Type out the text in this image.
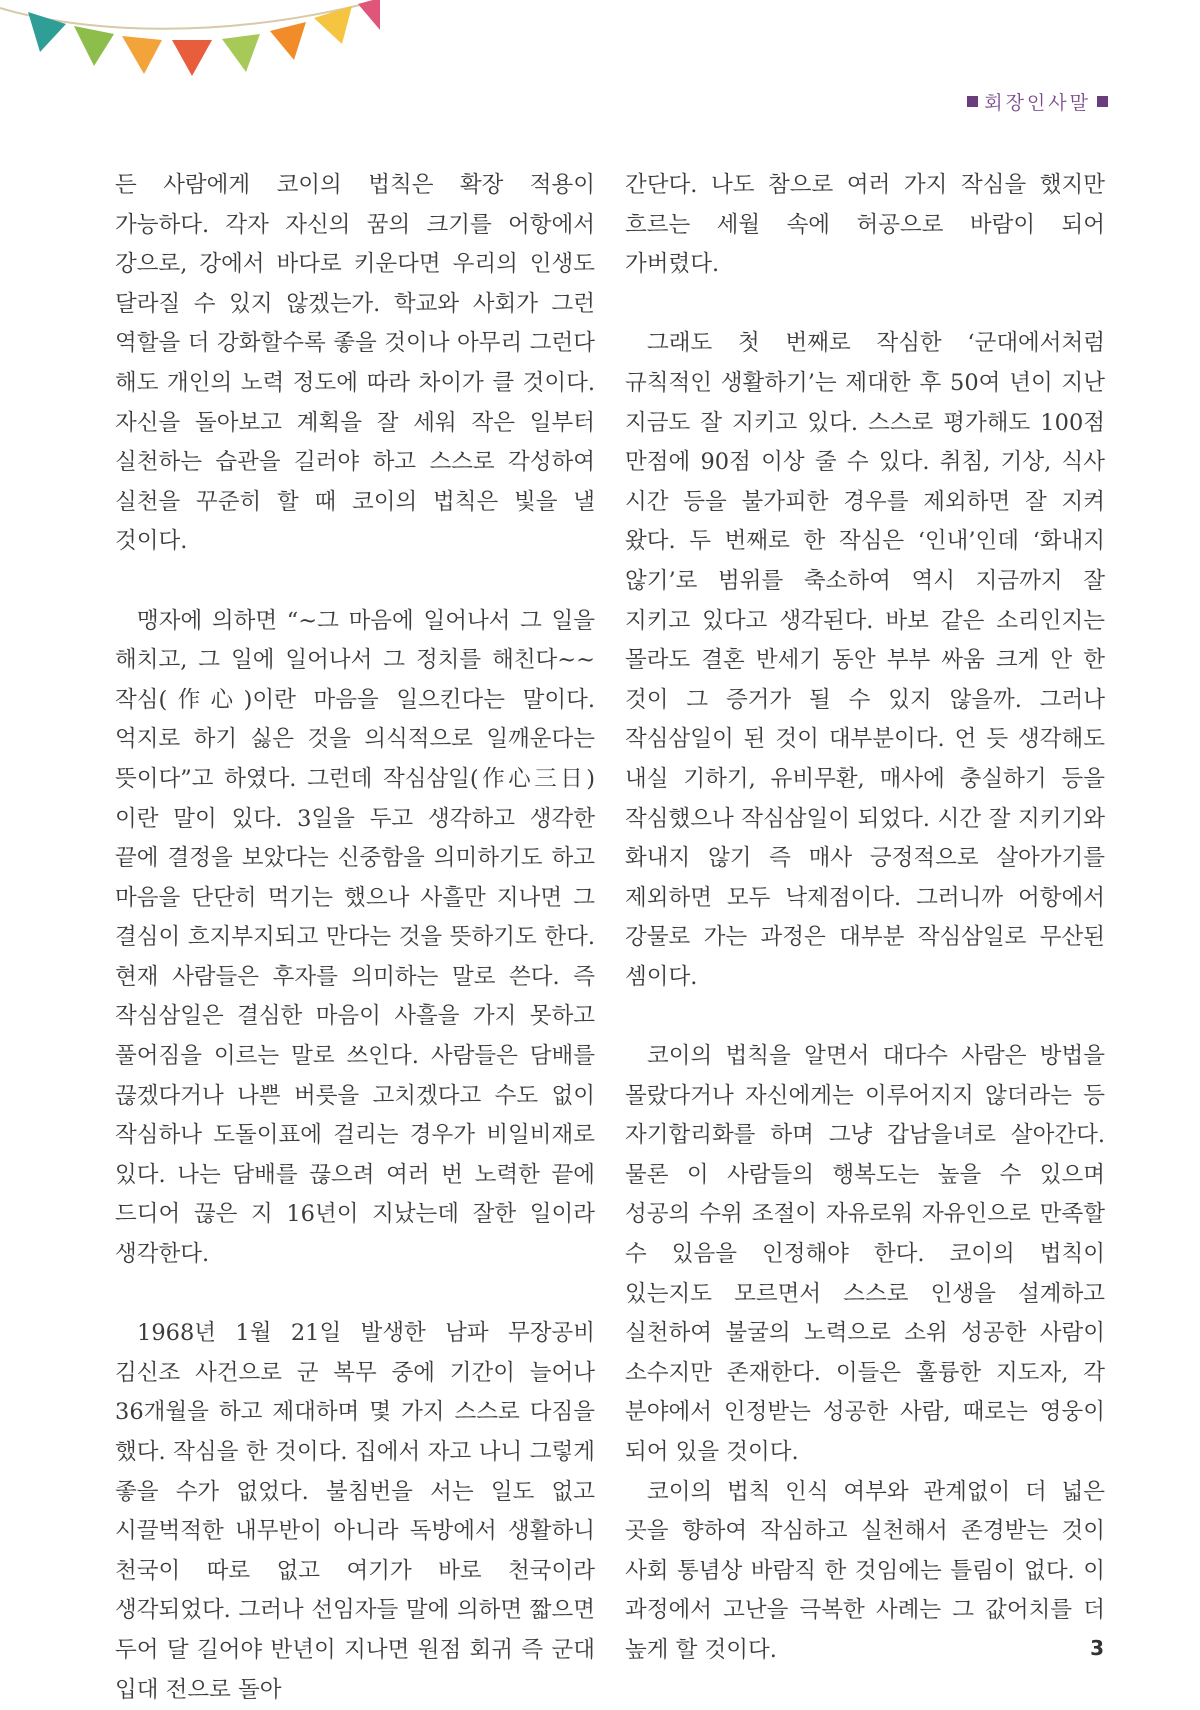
회장인사말

든 사람에게 코이의 법칙은 확장 적용이 가능하다. 각자 자신의 꿈의 크기를 어항에서 강으로, 강에서 바다로 키운다면 우리의 인생도 달라질 수 있지 않겠는가. 학교와 사회가 그런 역할을 더 강화할수록 좋을 것이나 아무리 그런다 해도 개인의 노력 정도에 따라 차이가 클 것이다. 자신을 돌아보고 계획을 잘 세워 작은 일부터 실천하는 습관을 길러야 하고 스스로 각성하여 실천을 꾸준히 할 때 코이의 법칙은 빛을 낼 것이다.

맹자에 의하면 “~그 마음에 일어나서 그 일을 해치고, 그 일에 일어나서 그 정치를 해친다~~ 작심(作心)이란 마음을 일으킨다는 말이다. 억지로 하기 싫은 것을 의식적으로 일깨운다는 뜻이다”고 하였다. 그런데 작심삼일(作心三日)이란 말이 있다. 3일을 두고 생각하고 생각한 끝에 결정을 보았다는 신중함을 의미하기도 하고 마음을 단단히 먹기는 했으나 사흘만 지나면 그 결심이 흐지부지되고 만다는 것을 뜻하기도 한다. 현재 사람들은 후자를 의미하는 말로 쓴다. 즉 작심삼일은 결심한 마음이 사흘을 가지 못하고 풀어짐을 이르는 말로 쓰인다. 사람들은 담배를 끊겠다거나 나쁜 버릇을 고치겠다고 수도 없이 작심하나 도돌이표에 걸리는 경우가 비일비재로 있다. 나는 담배를 끊으려 여러 번 노력한 끝에 드디어 끊은 지 16년이 지났는데 잘한 일이라 생각한다.

1968년 1월 21일 발생한 남파 무장공비 김신조 사건으로 군 복무 중에 기간이 늘어나 36개월을 하고 제대하며 몇 가지 스스로 다짐을 했다. 작심을 한 것이다. 집에서 자고 나니 그렇게 좋을 수가 없었다. 불침번을 서는 일도 없고 시끌벅적한 내무반이 아니라 독방에서 생활하니 천국이 따로 없고 여기가 바로 천국이라 생각되었다. 그러나 선임자들 말에 의하면 짧으면 두어 달 길어야 반년이 지나면 원점 회귀 즉 군대 입대 전으로 돌아

간단다. 나도 참으로 여러 가지 작심을 했지만 흐르는 세월 속에 허공으로 바람이 되어 가버렸다.

그래도 첫 번째로 작심한 ‘군대에서처럼 규칙적인 생활하기’는 제대한 후 50여 년이 지난 지금도 잘 지키고 있다. 스스로 평가해도 100점 만점에 90점 이상 줄 수 있다. 취침, 기상, 식사 시간 등을 불가피한 경우를 제외하면 잘 지켜 왔다. 두 번째로 한 작심은 ‘인내’인데 ‘화내지 않기’로 범위를 축소하여 역시 지금까지 잘 지키고 있다고 생각된다. 바보 같은 소리인지는 몰라도 결혼 반세기 동안 부부 싸움 크게 안 한 것이 그 증거가 될 수 있지 않을까. 그러나 작심삼일이 된 것이 대부분이다. 언 듯 생각해도 내실 기하기, 유비무환, 매사에 충실하기 등을 작심했으나 작심삼일이 되었다. 시간 잘 지키기와 화내지 않기 즉 매사 긍정적으로 살아가기를 제외하면 모두 낙제점이다. 그러니까 어항에서 강물로 가는 과정은 대부분 작심삼일로 무산된 셈이다.

코이의 법칙을 알면서 대다수 사람은 방법을 몰랐다거나 자신에게는 이루어지지 않더라는 등 자기합리화를 하며 그냥 갑남을녀로 살아간다. 물론 이 사람들의 행복도는 높을 수 있으며 성공의 수위 조절이 자유로워 자유인으로 만족할 수 있음을 인정해야 한다. 코이의 법칙이 있는지도 모르면서 스스로 인생을 설계하고 실천하여 불굴의 노력으로 소위 성공한 사람이 소수지만 존재한다. 이들은 훌륭한 지도자, 각 분야에서 인정받는 성공한 사람, 때로는 영웅이 되어 있을 것이다.

코이의 법칙 인식 여부와 관계없이 더 넓은 곳을 향하여 작심하고 실천해서 존경받는 것이 사회 통념상 바람직 한 것임에는 틀림이 없다. 이 과정에서 고난을 극복한 사례는 그 값어치를 더 높게 할 것이다.	3
